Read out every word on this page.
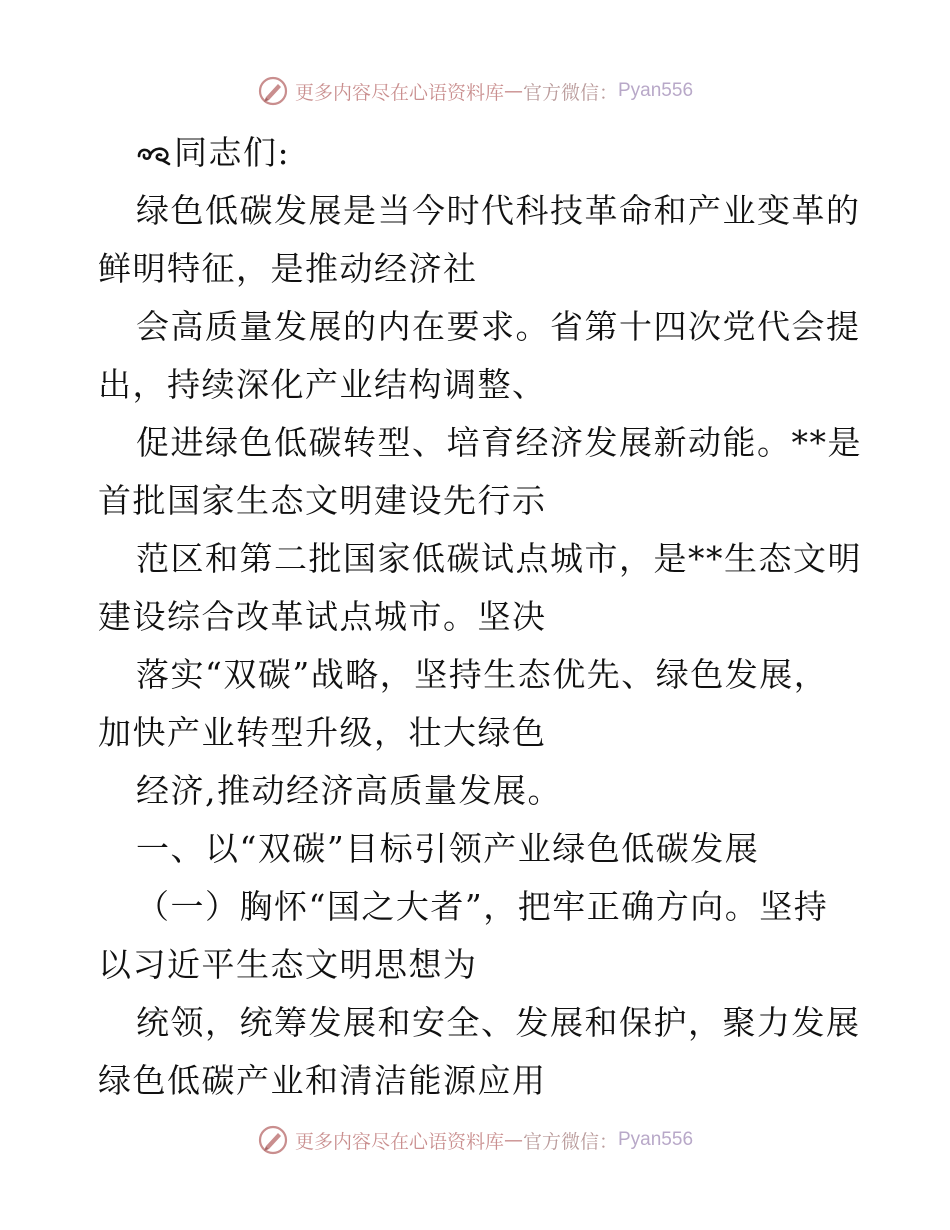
更多内容尽在心语资料库 — 官方微信： Pyan556
同志们:
绿色低碳发展是当今时代科技革命和产业变革的
鲜明特征，是推动经济社
会高质量发展的内在要求。省第十四次党代会提
出，持续深化产业结构调整、
促进绿色低碳转型、培育经济发展新动能。**是
首批国家生态文明建设先行示
范区和第二批国家低碳试点城市，是**生态文明
建设综合改革试点城市。坚决
落实“双碳”战略，坚持生态优先、绿色发展，
加快产业转型升级，壮大绿色
经济,推动经济高质量发展。
一、以“双碳”目标引领产业绿色低碳发展
（一）胸怀“国之大者”，把牢正确方向。坚持
以习近平生态文明思想为
统领，统筹发展和安全、发展和保护，聚力发展
绿色低碳产业和清洁能源应用
更多内容尽在心语资料库 — 官方微信： Pyan556
